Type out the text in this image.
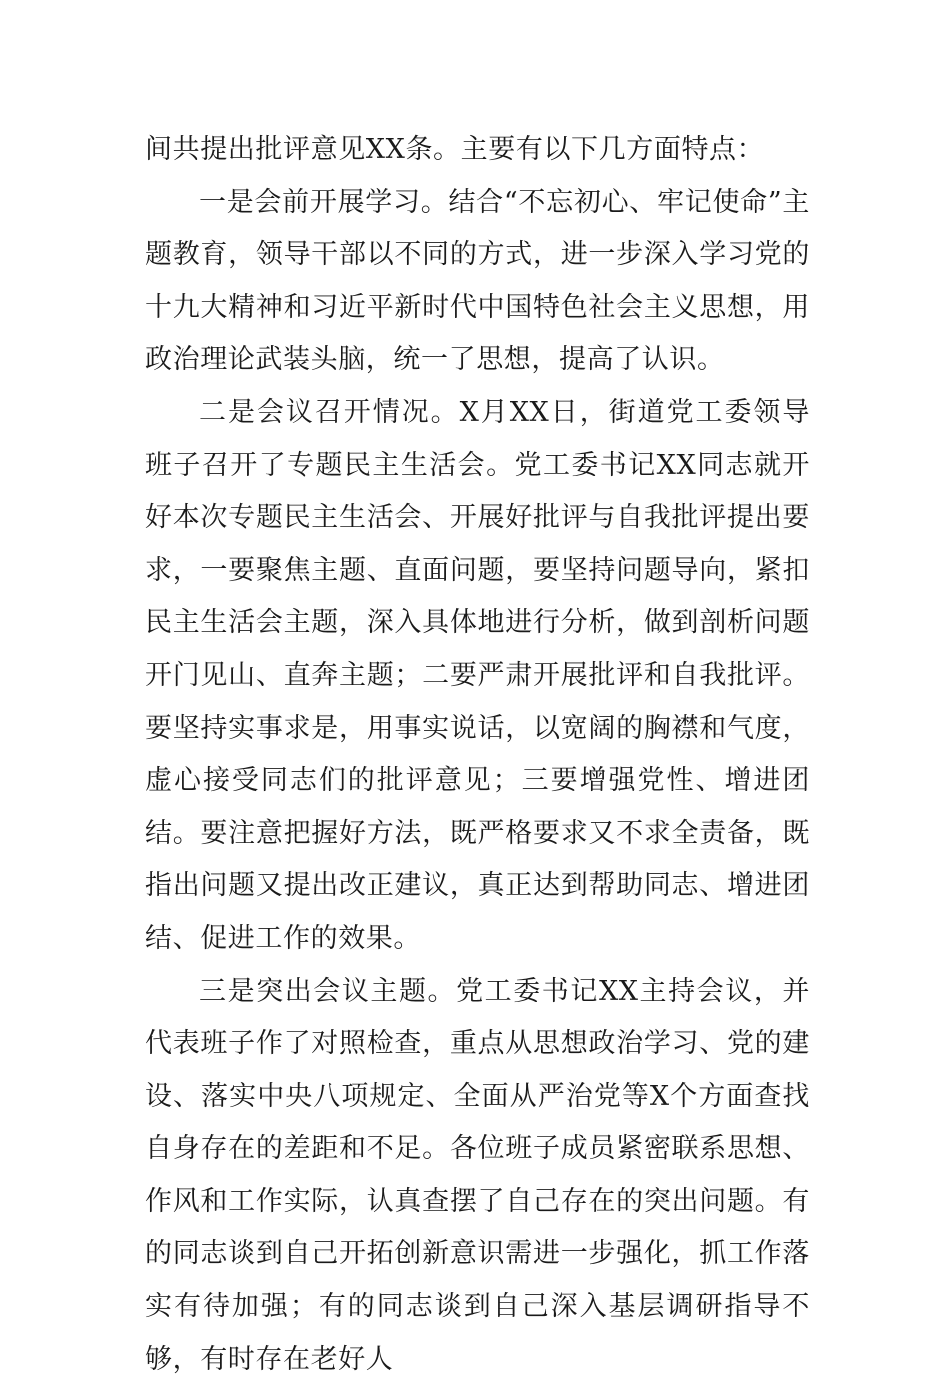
间共提出批评意见XX条。主要有以下几方面特点：

一是会前开展学习。结合“不忘初心、牢记使命”主题教育，领导干部以不同的方式，进一步深入学习党的十九大精神和习近平新时代中国特色社会主义思想，用政治理论武装头脑，统一了思想，提高了认识。

二是会议召开情况。X月XX日，街道党工委领导班子召开了专题民主生活会。党工委书记XX同志就开好本次专题民主生活会、开展好批评与自我批评提出要求，一要聚焦主题、直面问题，要坚持问题导向，紧扣民主生活会主题，深入具体地进行分析，做到剖析问题开门见山、直奔主题；二要严肃开展批评和自我批评。要坚持实事求是，用事实说话，以宽阔的胸襟和气度，虚心接受同志们的批评意见；三要增强党性、增进团结。要注意把握好方法，既严格要求又不求全责备，既指出问题又提出改正建议，真正达到帮助同志、增进团结、促进工作的效果。

三是突出会议主题。党工委书记XX主持会议，并代表班子作了对照检查，重点从思想政治学习、党的建设、落实中央八项规定、全面从严治党等X个方面查找自身存在的差距和不足。各位班子成员紧密联系思想、作风和工作实际，认真查摆了自己存在的突出问题。有的同志谈到自己开拓创新意识需进一步强化，抓工作落实有待加强；有的同志谈到自己深入基层调研指导不够，有时存在老好人
